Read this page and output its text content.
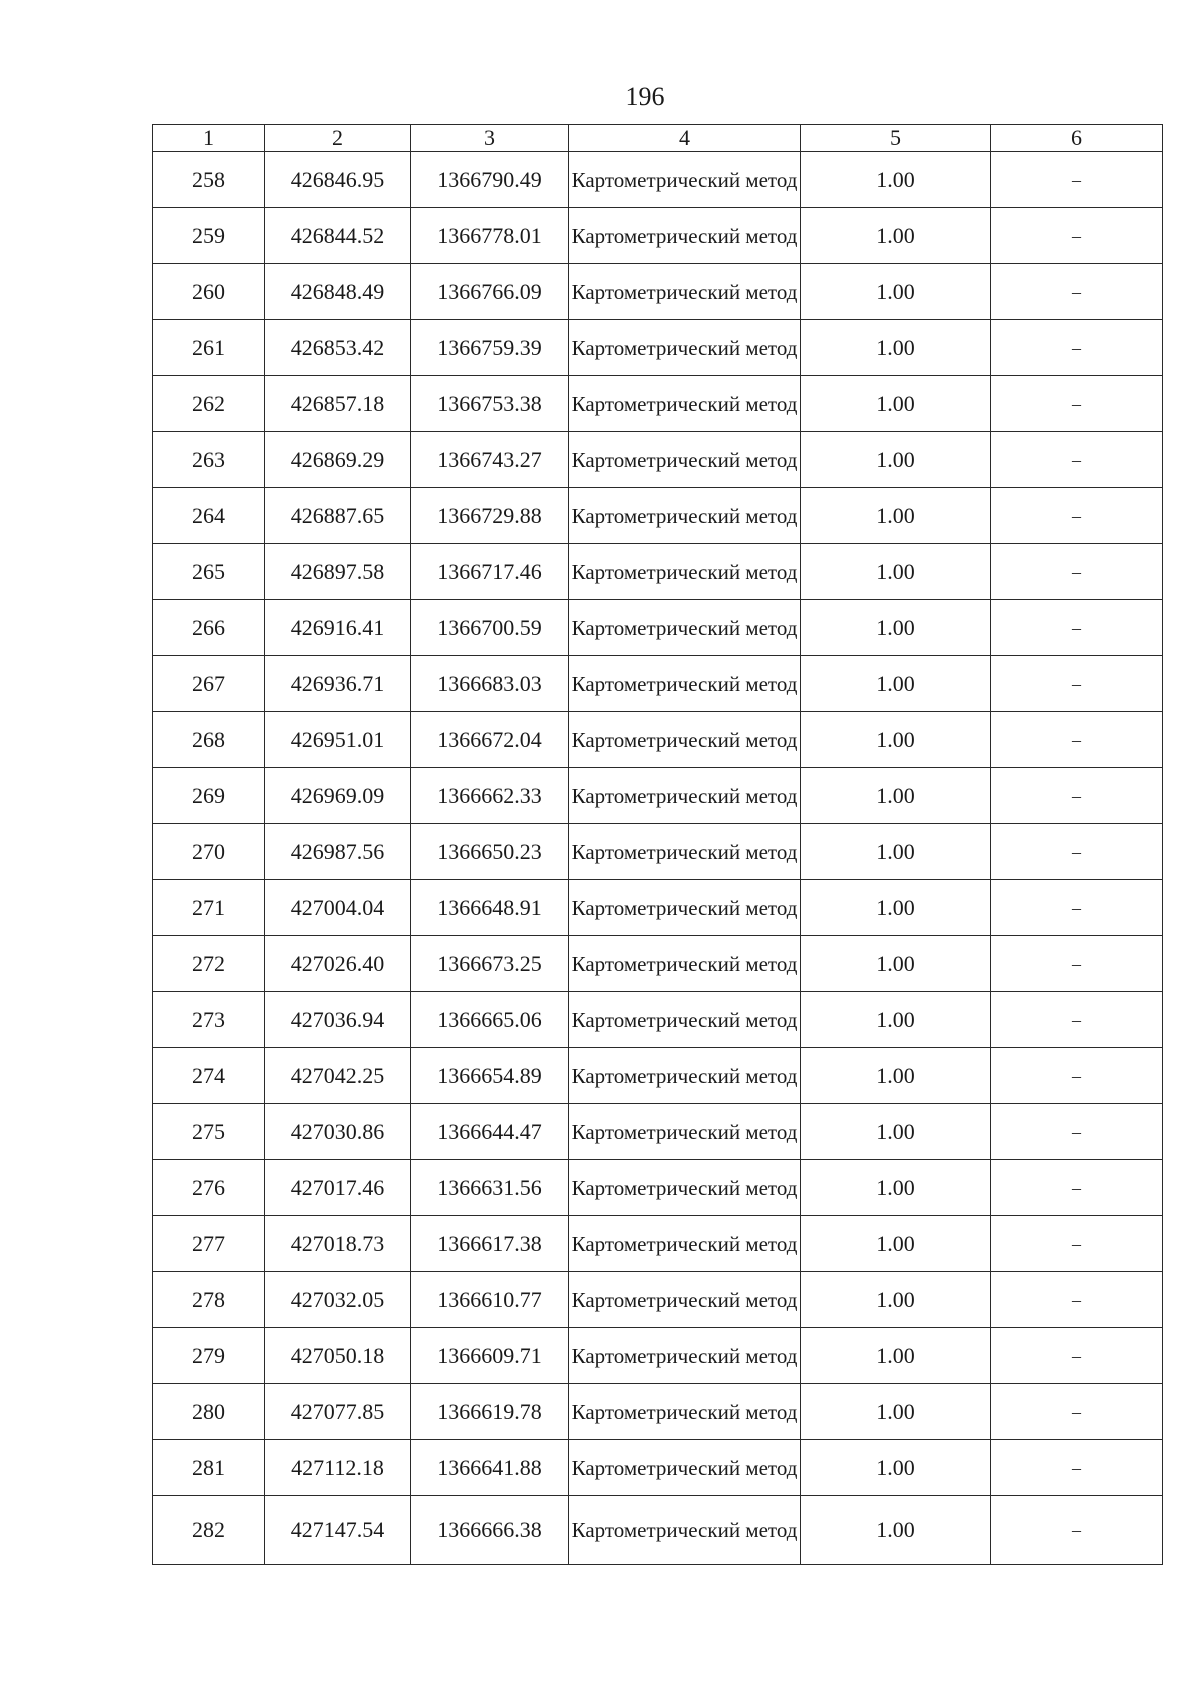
196
1	2	3	4	5	6
258	426846.95	1366790.49	Картометрический метод	1.00	–
259	426844.52	1366778.01	Картометрический метод	1.00	–
260	426848.49	1366766.09	Картометрический метод	1.00	–
261	426853.42	1366759.39	Картометрический метод	1.00	–
262	426857.18	1366753.38	Картометрический метод	1.00	–
263	426869.29	1366743.27	Картометрический метод	1.00	–
264	426887.65	1366729.88	Картометрический метод	1.00	–
265	426897.58	1366717.46	Картометрический метод	1.00	–
266	426916.41	1366700.59	Картометрический метод	1.00	–
267	426936.71	1366683.03	Картометрический метод	1.00	–
268	426951.01	1366672.04	Картометрический метод	1.00	–
269	426969.09	1366662.33	Картометрический метод	1.00	–
270	426987.56	1366650.23	Картометрический метод	1.00	–
271	427004.04	1366648.91	Картометрический метод	1.00	–
272	427026.40	1366673.25	Картометрический метод	1.00	–
273	427036.94	1366665.06	Картометрический метод	1.00	–
274	427042.25	1366654.89	Картометрический метод	1.00	–
275	427030.86	1366644.47	Картометрический метод	1.00	–
276	427017.46	1366631.56	Картометрический метод	1.00	–
277	427018.73	1366617.38	Картометрический метод	1.00	–
278	427032.05	1366610.77	Картометрический метод	1.00	–
279	427050.18	1366609.71	Картометрический метод	1.00	–
280	427077.85	1366619.78	Картометрический метод	1.00	–
281	427112.18	1366641.88	Картометрический метод	1.00	–
282	427147.54	1366666.38	Картометрический метод	1.00	–
